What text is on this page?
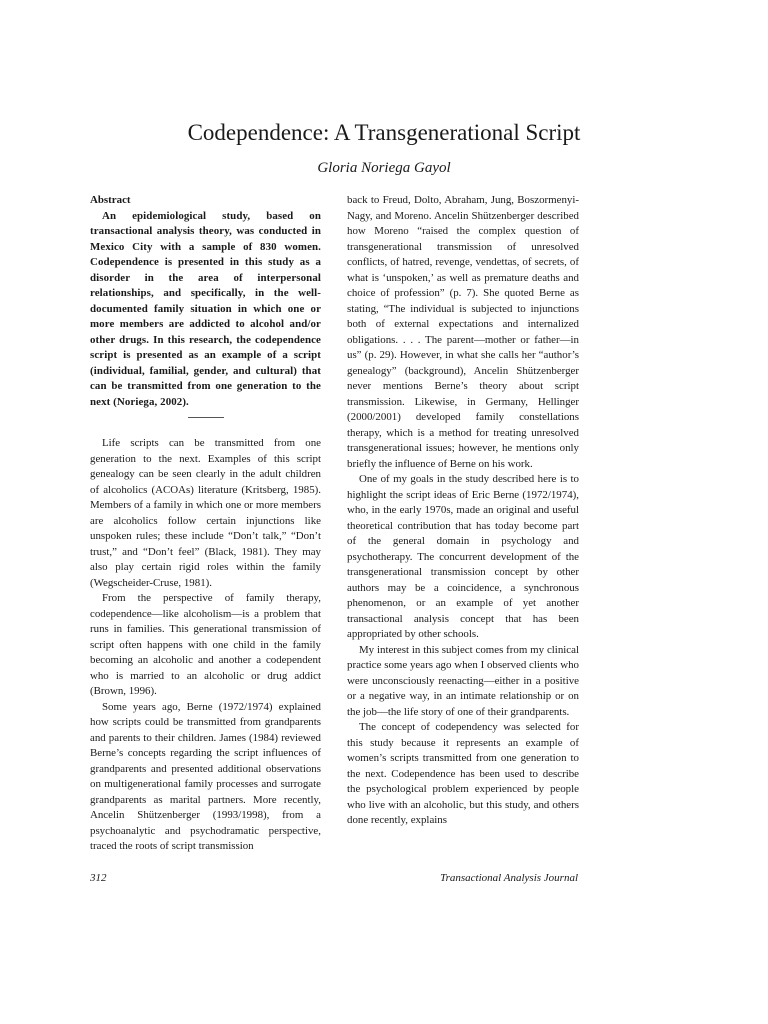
Codependence: A Transgenerational Script
Gloria Noriega Gayol

Abstract

An epidemiological study, based on transactional analysis theory, was conducted in Mexico City with a sample of 830 women. Codependence is presented in this study as a disorder in the area of interpersonal relationships, and specifically, in the well-documented family situation in which one or more members are addicted to alcohol and/or other drugs. In this research, the codependence script is presented as an example of a script (individual, familial, gender, and cultural) that can be transmitted from one generation to the next (Noriega, 2002).

Life scripts can be transmitted from one generation to the next. Examples of this script genealogy can be seen clearly in the adult children of alcoholics (ACOAs) literature (Kritsberg, 1985). Members of a family in which one or more members are alcoholics follow certain injunctions like unspoken rules; these include “Don’t talk,” “Don’t trust,” and “Don’t feel” (Black, 1981). They may also play certain rigid roles within the family (Wegscheider-Cruse, 1981).

From the perspective of family therapy, codependence—like alcoholism—is a problem that runs in families. This generational transmission of script often happens with one child in the family becoming an alcoholic and another a codependent who is married to an alcoholic or drug addict (Brown, 1996).

Some years ago, Berne (1972/1974) explained how scripts could be transmitted from grandparents and parents to their children. James (1984) reviewed Berne’s concepts regarding the script influences of grandparents and presented additional observations on multigenerational family processes and surrogate grandparents as marital partners. More recently, Ancelin Shützenberger (1993/1998), from a psychoanalytic and psychodramatic perspective, traced the roots of script transmission

back to Freud, Dolto, Abraham, Jung, Boszormenyi-Nagy, and Moreno. Ancelin Shützenberger described how Moreno “raised the complex question of transgenerational transmission of unresolved conflicts, of hatred, revenge, vendettas, of secrets, of what is ‘unspoken,’ as well as premature deaths and choice of profession” (p. 7). She quoted Berne as stating, “The individual is subjected to injunctions both of external expectations and internalized obligations. . . . The parent—mother or father—in us” (p. 29). However, in what she calls her “author’s genealogy” (background), Ancelin Shützenberger never mentions Berne’s theory about script transmission. Likewise, in Germany, Hellinger (2000/2001) developed family constellations therapy, which is a method for treating unresolved transgenerational issues; however, he mentions only briefly the influence of Berne on his work.

One of my goals in the study described here is to highlight the script ideas of Eric Berne (1972/1974), who, in the early 1970s, made an original and useful theoretical contribution that has today become part of the general domain in psychology and psychotherapy. The concurrent development of the transgenerational transmission concept by other authors may be a coincidence, a synchronous phenomenon, or an example of yet another transactional analysis concept that has been appropriated by other schools.

My interest in this subject comes from my clinical practice some years ago when I observed clients who were unconsciously reenacting—either in a positive or a negative way, in an intimate relationship or on the job—the life story of one of their grandparents.

The concept of codependency was selected for this study because it represents an example of women’s scripts transmitted from one generation to the next. Codependence has been used to describe the psychological problem experienced by people who live with an alcoholic, but this study, and others done recently, explains

312	Transactional Analysis Journal
